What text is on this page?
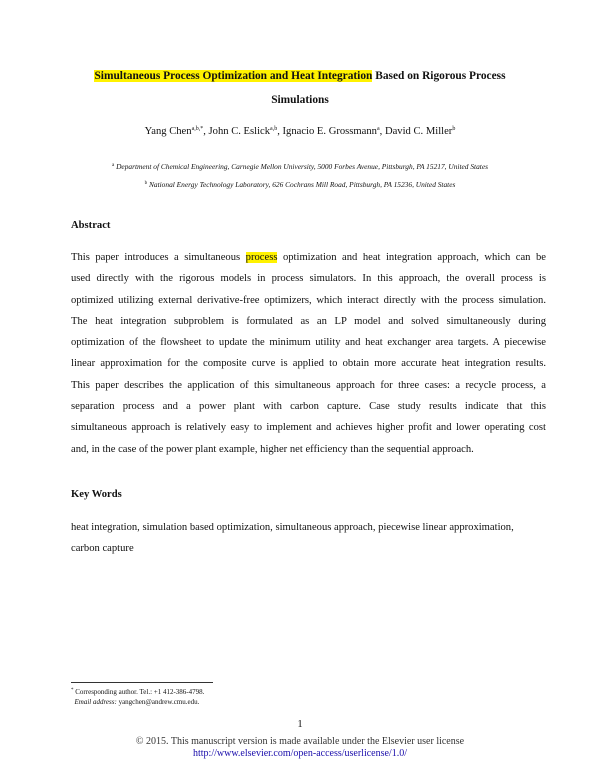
Simultaneous Process Optimization and Heat Integration Based on Rigorous Process
Simulations
Yang Chen$^{a,b,*}$, John C. Eslick$^{a,b}$, Ignacio E. Grossmann$^a$, David C. Miller$^b$
$^a$ Department of Chemical Engineering, Carnegie Mellon University, 5000 Forbes Avenue, Pittsburgh, PA 15217, United States
$^b$ National Energy Technology Laboratory, 626 Cochrans Mill Road, Pittsburgh, PA 15236, United States
Abstract
This paper introduces a simultaneous process optimization and heat integration approach, which can be
used directly with the rigorous models in process simulators. In this approach, the overall process is
optimized utilizing external derivative-free optimizers, which interact directly with the process simulation.
The heat integration subproblem is formulated as an LP model and solved simultaneously during
optimization of the flowsheet to update the minimum utility and heat exchanger area targets. A piecewise
linear approximation for the composite curve is applied to obtain more accurate heat integration results.
This paper describes the application of this simultaneous approach for three cases: a recycle process, a
separation process and a power plant with carbon capture. Case study results indicate that this
simultaneous approach is relatively easy to implement and achieves higher profit and lower operating cost
and, in the case of the power plant example, higher net efficiency than the sequential approach.
Key Words
heat integration, simulation based optimization, simultaneous approach, piecewise linear approximation,
carbon capture
* Corresponding author. Tel.: +1 412-386-4798.
Email address: yangchen@andrew.cmu.edu.
1
© 2015. This manuscript version is made available under the Elsevier user license
http://www.elsevier.com/open-access/userlicense/1.0/
